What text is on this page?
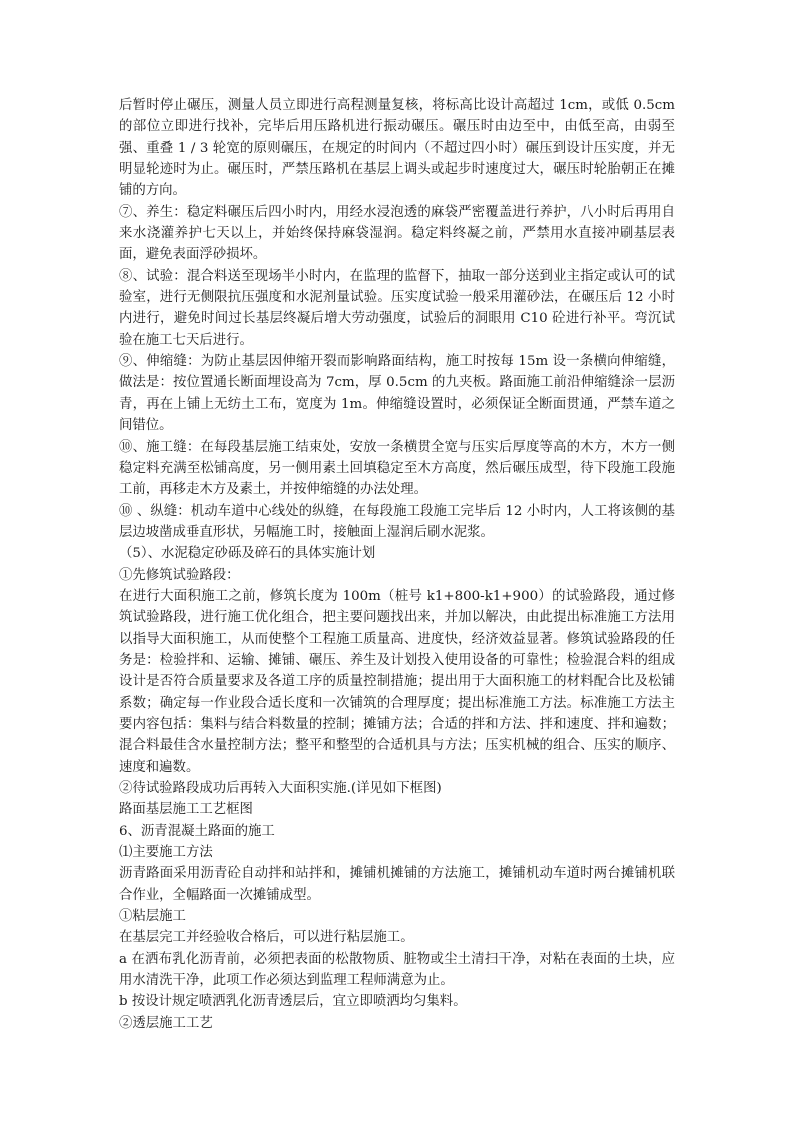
后暂时停止碾压，测量人员立即进行高程测量复核，将标高比设计高超过 1cm，或低 0.5cm 的部位立即进行找补，完毕后用压路机进行振动碾压。碾压时由边至中，由低至高，由弱至强、重叠 1 / 3 轮宽的原则碾压，在规定的时间内（不超过四小时）碾压到设计压实度，并无明显轮迹时为止。碾压时，严禁压路机在基层上调头或起步时速度过大，碾压时轮胎朝正在摊铺的方向。

⑦、养生：稳定料碾压后四小时内，用经水浸泡透的麻袋严密覆盖进行养护，八小时后再用自来水浇灌养护七天以上，并始终保持麻袋湿润。稳定料终凝之前，严禁用水直接冲刷基层表面，避免表面浮砂损坏。

⑧、试验：混合料送至现场半小时内，在监理的监督下，抽取一部分送到业主指定或认可的试验室，进行无侧限抗压强度和水泥剂量试验。压实度试验一般采用灌砂法，在碾压后 12 小时内进行，避免时间过长基层终凝后增大劳动强度，试验后的洞眼用 C10 砼进行补平。弯沉试验在施工七天后进行。

⑨、伸缩缝：为防止基层因伸缩开裂而影响路面结构，施工时按每 15m 设一条横向伸缩缝，做法是：按位置通长断面埋设高为 7cm，厚 0.5cm 的九夹板。路面施工前沿伸缩缝涂一层沥青，再在上铺上无纺土工布，宽度为 1m。伸缩缝设置时，必须保证全断面贯通，严禁车道之间错位。

⑩、施工缝：在每段基层施工结束处，安放一条横贯全宽与压实后厚度等高的木方，木方一侧稳定料充满至松铺高度，另一侧用素土回填稳定至木方高度，然后碾压成型，待下段施工段施工前，再移走木方及素土，并按伸缩缝的办法处理。

⑩ 、纵缝：机动车道中心线处的纵缝，在每段施工段施工完毕后 12 小时内，人工将该侧的基层边坡凿成垂直形状，另幅施工时，接触面上湿润后刷水泥浆。

（5）、水泥稳定砂砾及碎石的具体实施计划

①先修筑试验路段：

在进行大面积施工之前，修筑长度为 100m（桩号 k1+800-k1+900）的试验路段，通过修筑试验路段，进行施工优化组合，把主要问题找出来，并加以解决，由此提出标准施工方法用以指导大面积施工，从而使整个工程施工质量高、进度快，经济效益显著。修筑试验路段的任务是：检验拌和、运输、摊铺、碾压、养生及计划投入使用设备的可靠性；检验混合料的组成设计是否符合质量要求及各道工序的质量控制措施；提出用于大面积施工的材料配合比及松铺系数；确定每一作业段合适长度和一次铺筑的合理厚度；提出标准施工方法。标准施工方法主要内容包括：集料与结合料数量的控制；摊铺方法；合适的拌和方法、拌和速度、拌和遍数；混合料最佳含水量控制方法；整平和整型的合适机具与方法；压实机械的组合、压实的顺序、速度和遍数。

②待试验路段成功后再转入大面积实施.(详见如下框图)

路面基层施工工艺框图

6、沥青混凝土路面的施工

⑴主要施工方法

沥青路面采用沥青砼自动拌和站拌和，摊铺机摊铺的方法施工，摊铺机动车道时两台摊铺机联合作业，全幅路面一次摊铺成型。

①粘层施工

在基层完工并经验收合格后，可以进行粘层施工。

a 在洒布乳化沥青前，必须把表面的松散物质、脏物或尘土清扫干净，对粘在表面的土块，应用水清洗干净，此项工作必须达到监理工程师满意为止。

b 按设计规定喷洒乳化沥青透层后，宜立即喷洒均匀集料。

②透层施工工艺
